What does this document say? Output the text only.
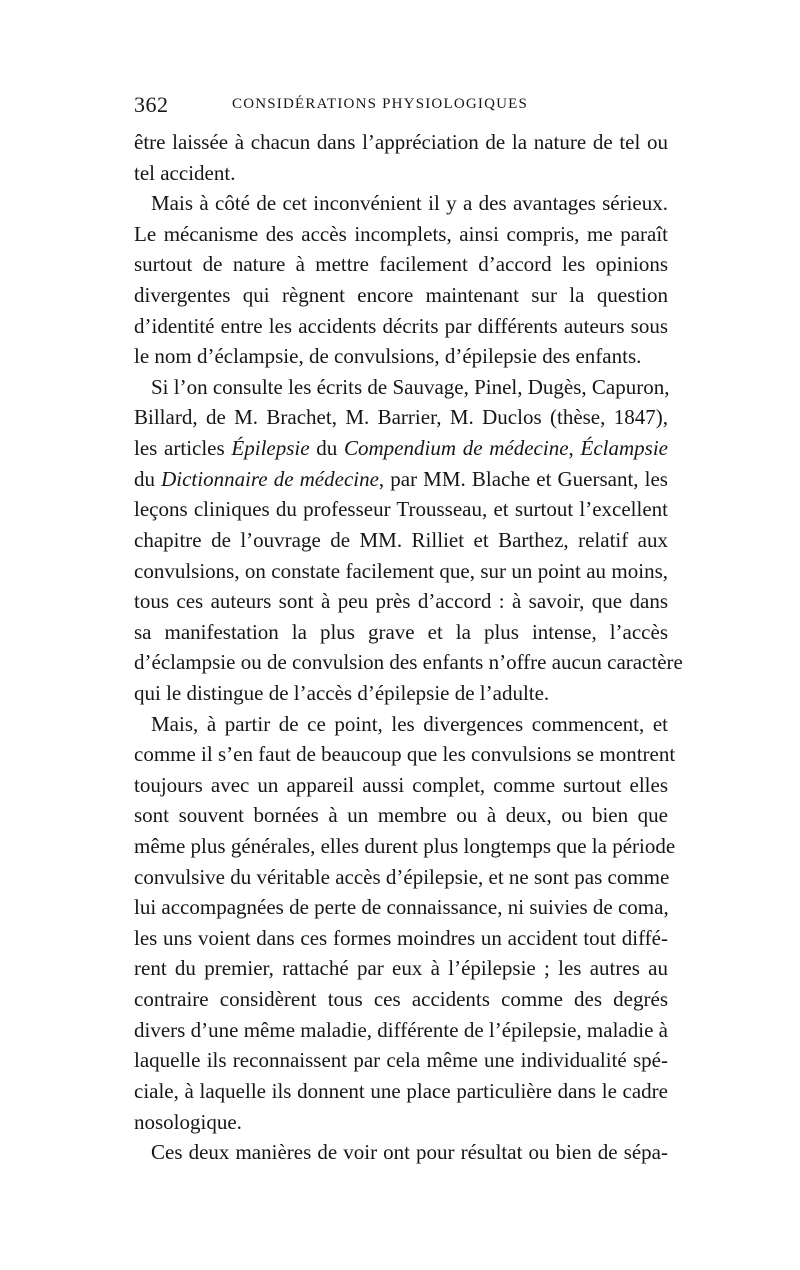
362	CONSIDÉRATIONS PHYSIOLOGIQUES
être laissée à chacun dans l’appréciation de la nature de tel ou
tel accident.
Mais à côté de cet inconvénient il y a des avantages sérieux.
Le mécanisme des accès incomplets, ainsi compris, me paraît
surtout de nature à mettre facilement d’accord les opinions
divergentes qui règnent encore maintenant sur la question
d’identité entre les accidents décrits par différents auteurs sous
le nom d’éclampsie, de convulsions, d’épilepsie des enfants.
Si l’on consulte les écrits de Sauvage, Pinel, Dugès, Capuron,
Billard, de M. Brachet, M. Barrier, M. Duclos (thèse, 1847),
les articles Épilepsie du Compendium de médecine, Éclampsie
du Dictionnaire de médecine, par MM. Blache et Guersant, les
leçons cliniques du professeur Trousseau, et surtout l’excellent
chapitre de l’ouvrage de MM. Rilliet et Barthez, relatif aux
convulsions, on constate facilement que, sur un point au moins,
tous ces auteurs sont à peu près d’accord : à savoir, que dans
sa manifestation la plus grave et la plus intense, l’accès
d’éclampsie ou de convulsion des enfants n’offre aucun caractère
qui le distingue de l’accès d’épilepsie de l’adulte.
Mais, à partir de ce point, les divergences commencent, et
comme il s’en faut de beaucoup que les convulsions se montrent
toujours avec un appareil aussi complet, comme surtout elles
sont souvent bornées à un membre ou à deux, ou bien que
même plus générales, elles durent plus longtemps que la période
convulsive du véritable accès d’épilepsie, et ne sont pas comme
lui accompagnées de perte de connaissance, ni suivies de coma,
les uns voient dans ces formes moindres un accident tout diffé-
rent du premier, rattaché par eux à l’épilepsie ; les autres au
contraire considèrent tous ces accidents comme des degrés
divers d’une même maladie, différente de l’épilepsie, maladie à
laquelle ils reconnaissent par cela même une individualité spé-
ciale, à laquelle ils donnent une place particulière dans le cadre
nosologique.
Ces deux manières de voir ont pour résultat ou bien de sépa-
